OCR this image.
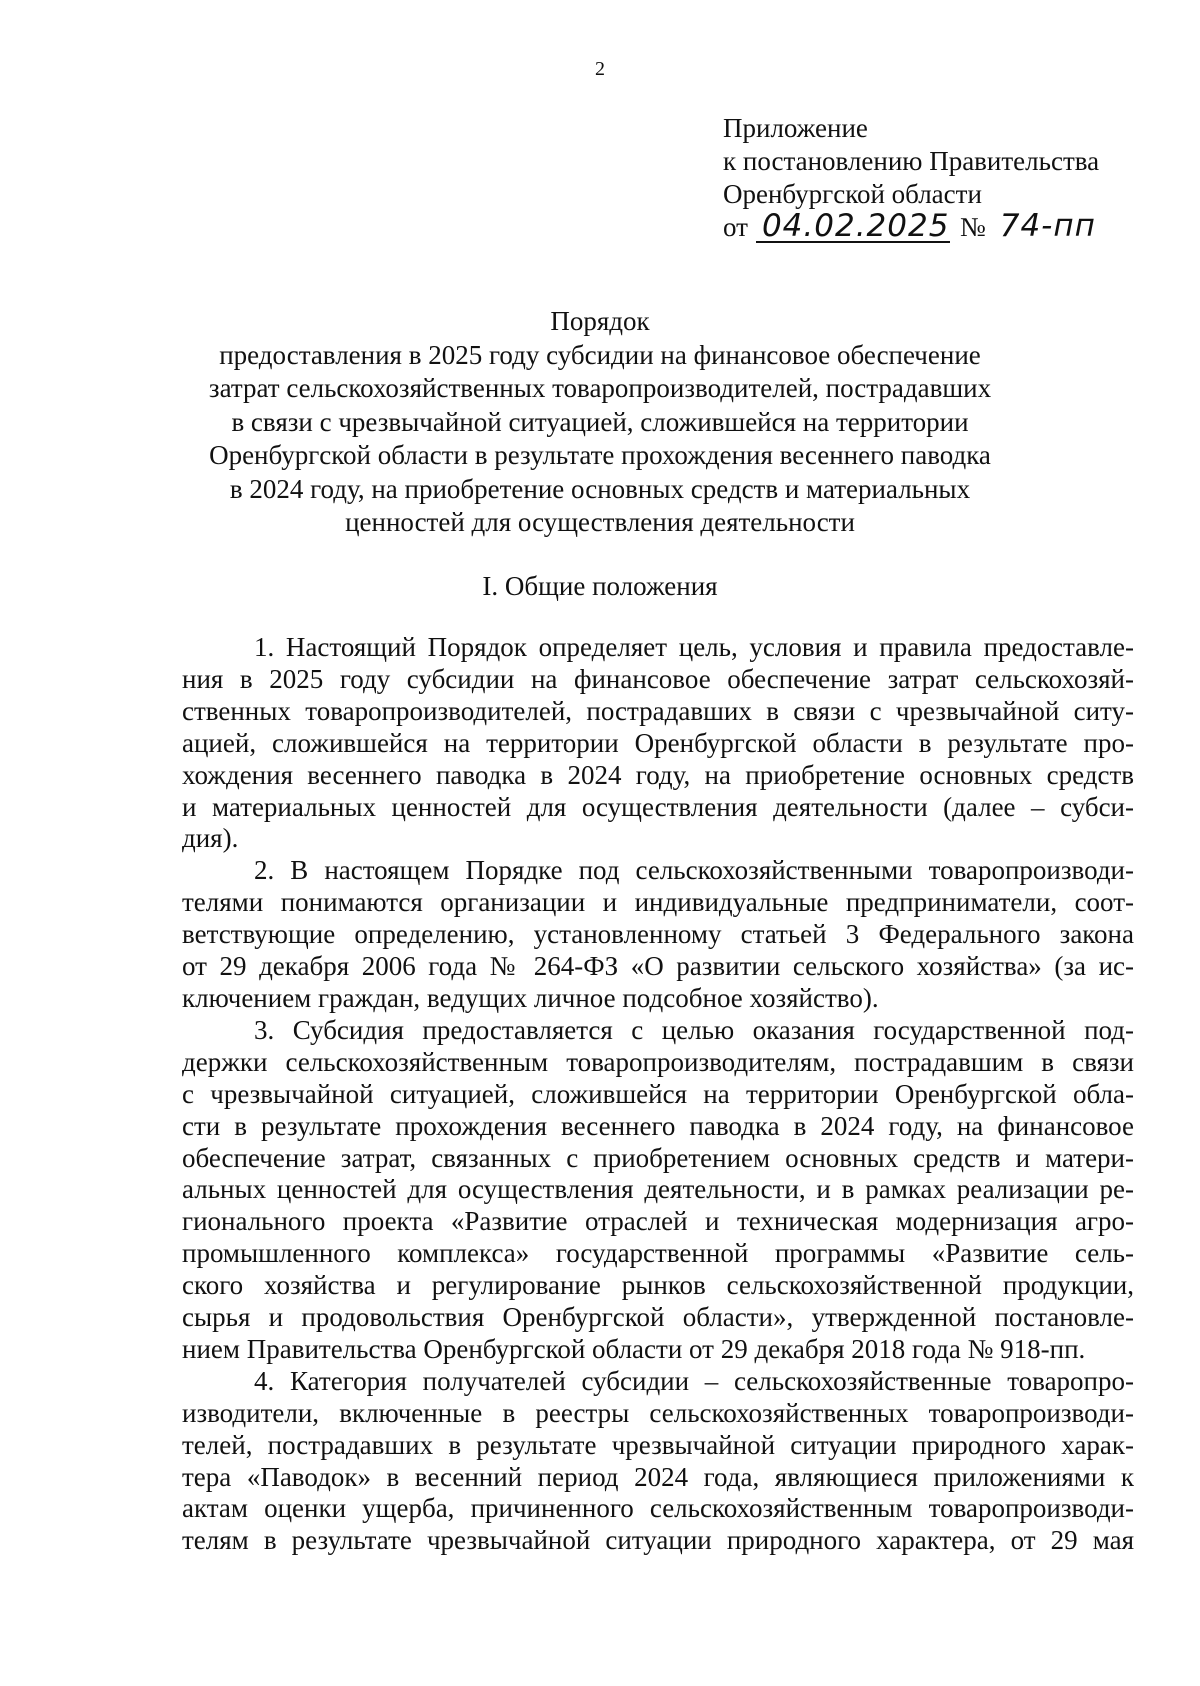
2
Приложение
к постановлению Правительства
Оренбургской области
от 04.02.2025 № 74-пп
Порядок
предоставления в 2025 году субсидии на финансовое обеспечение
затрат сельскохозяйственных товаропроизводителей, пострадавших
в связи с чрезвычайной ситуацией, сложившейся на территории
Оренбургской области в результате прохождения весеннего паводка
в 2024 году, на приобретение основных средств и материальных
ценностей для осуществления деятельности
I. Общие положения
1. Настоящий Порядок определяет цель, условия и правила предоставле-
ния в 2025 году субсидии на финансовое обеспечение затрат сельскохозяй-
ственных товаропроизводителей, пострадавших в связи с чрезвычайной ситу-
ацией, сложившейся на территории Оренбургской области в результате про-
хождения весеннего паводка в 2024 году, на приобретение основных средств
и материальных ценностей для осуществления деятельности (далее – субси-
дия).
2. В настоящем Порядке под сельскохозяйственными товаропроизводи-
телями понимаются организации и индивидуальные предприниматели, соот-
ветствующие определению, установленному статьей 3 Федерального закона
от 29 декабря 2006 года № 264-ФЗ «О развитии сельского хозяйства» (за ис-
ключением граждан, ведущих личное подсобное хозяйство).
3. Субсидия предоставляется с целью оказания государственной под-
держки сельскохозяйственным товаропроизводителям, пострадавшим в связи
с чрезвычайной ситуацией, сложившейся на территории Оренбургской обла-
сти в результате прохождения весеннего паводка в 2024 году, на финансовое
обеспечение затрат, связанных с приобретением основных средств и матери-
альных ценностей для осуществления деятельности, и в рамках реализации ре-
гионального проекта «Развитие отраслей и техническая модернизация агро-
промышленного комплекса» государственной программы «Развитие сель-
ского хозяйства и регулирование рынков сельскохозяйственной продукции,
сырья и продовольствия Оренбургской области», утвержденной постановле-
нием Правительства Оренбургской области от 29 декабря 2018 года № 918-пп.
4. Категория получателей субсидии – сельскохозяйственные товаропро-
изводители, включенные в реестры сельскохозяйственных товаропроизводи-
телей, пострадавших в результате чрезвычайной ситуации природного харак-
тера «Паводок» в весенний период 2024 года, являющиеся приложениями к
актам оценки ущерба, причиненного сельскохозяйственным товаропроизводи-
телям в результате чрезвычайной ситуации природного характера, от 29 мая
